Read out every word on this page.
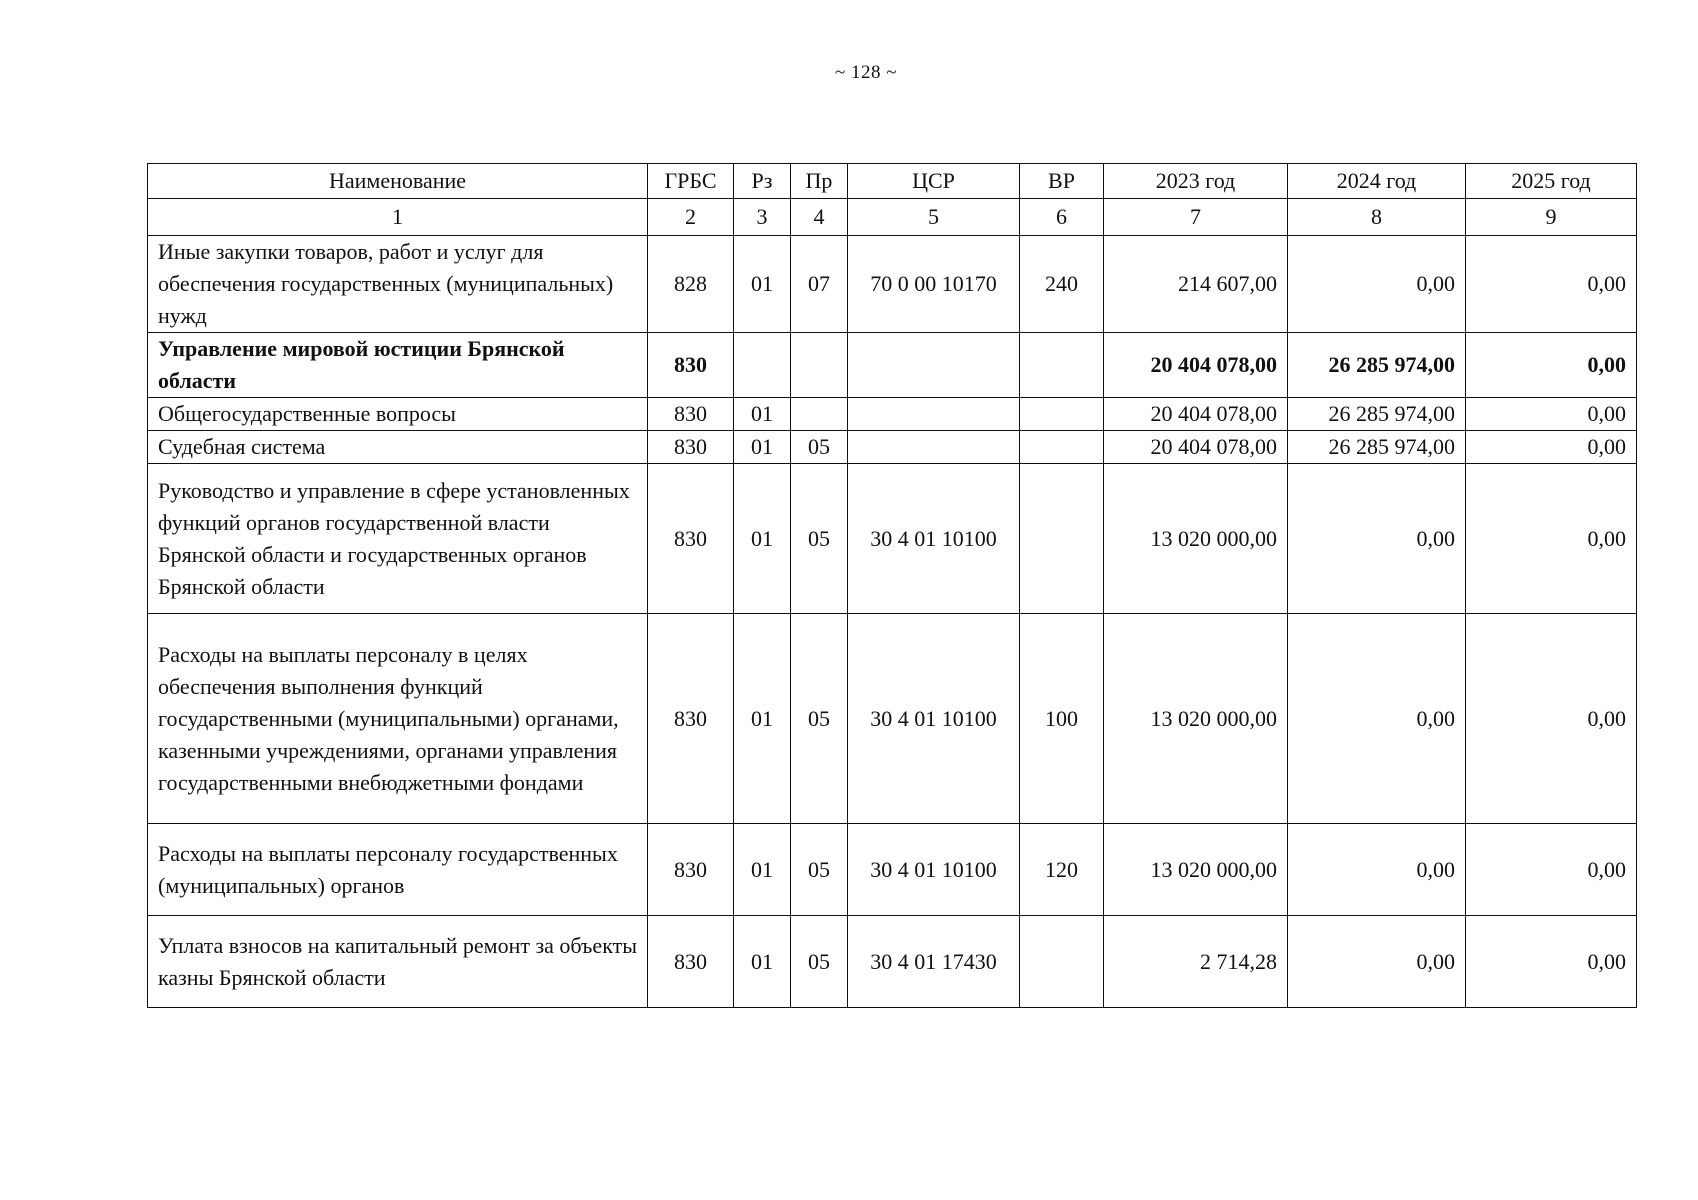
~ 128 ~
Наименование	ГРБС	Рз	Пр	ЦСР	ВР	2023 год	2024 год	2025 год
1	2	3	4	5	6	7	8	9
Иные закупки товаров, работ и услуг для обеспечения государственных (муниципальных) нужд	828	01	07	70 0 00 10170	240	214 607,00	0,00	0,00
Управление мировой юстиции Брянской области	830					20 404 078,00	26 285 974,00	0,00
Общегосударственные вопросы	830	01				20 404 078,00	26 285 974,00	0,00
Судебная система	830	01	05			20 404 078,00	26 285 974,00	0,00
Руководство и управление в сфере установленных функций органов государственной власти Брянской области и государственных органов Брянской области	830	01	05	30 4 01 10100		13 020 000,00	0,00	0,00
Расходы на выплаты персоналу в целях обеспечения выполнения функций государственными (муниципальными) органами, казенными учреждениями, органами управления государственными внебюджетными фондами	830	01	05	30 4 01 10100	100	13 020 000,00	0,00	0,00
Расходы на выплаты персоналу государственных (муниципальных) органов	830	01	05	30 4 01 10100	120	13 020 000,00	0,00	0,00
Уплата взносов на капитальный ремонт за объекты казны Брянской области	830	01	05	30 4 01 17430		2 714,28	0,00	0,00
